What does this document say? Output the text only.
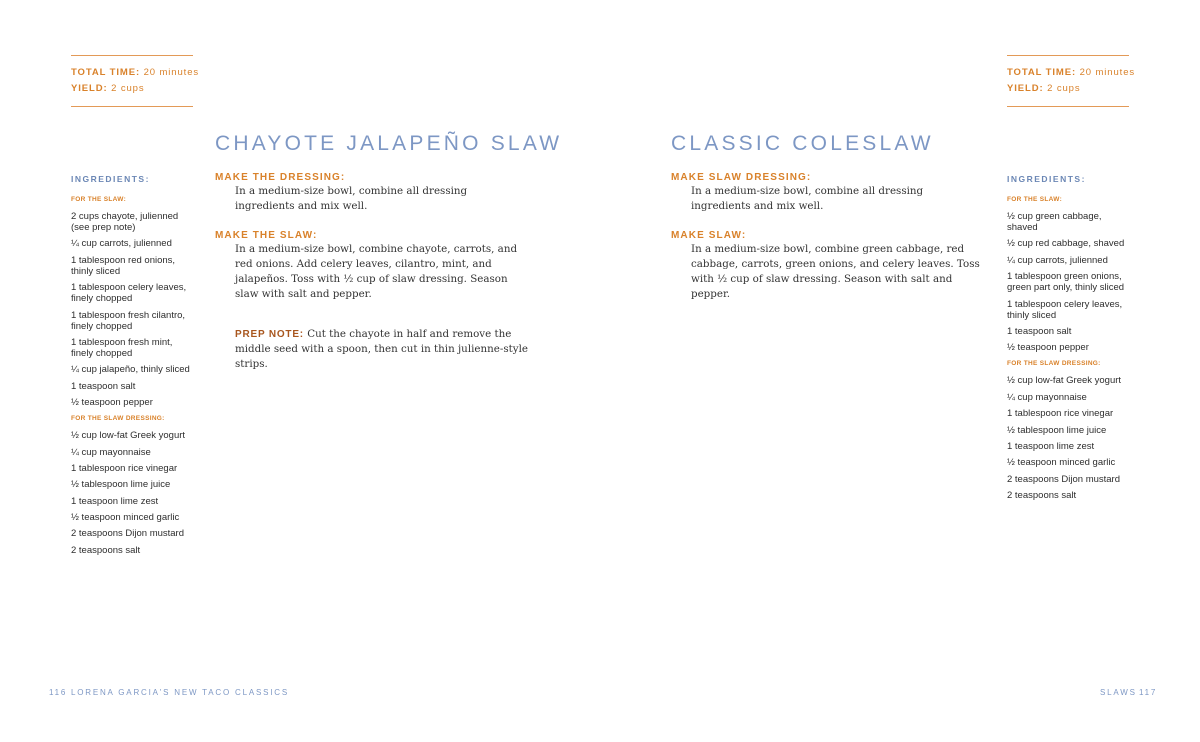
TOTAL TIME: 20 minutes
YIELD: 2 cups
CHAYOTE JALAPEÑO SLAW
INGREDIENTS:
FOR THE SLAW:
2 cups chayote, julienned (see prep note)
¼ cup carrots, julienned
1 tablespoon red onions, thinly sliced
1 tablespoon celery leaves, finely chopped
1 tablespoon fresh cilantro, finely chopped
1 tablespoon fresh mint, finely chopped
¼ cup jalapeño, thinly sliced
1 teaspoon salt
½ teaspoon pepper
FOR THE SLAW DRESSING:
½ cup low-fat Greek yogurt
¼ cup mayonnaise
1 tablespoon rice vinegar
½ tablespoon lime juice
1 teaspoon lime zest
½ teaspoon minced garlic
2 teaspoons Dijon mustard
2 teaspoons salt
MAKE THE DRESSING:
In a medium-size bowl, combine all dressing ingredients and mix well.
MAKE THE SLAW:
In a medium-size bowl, combine chayote, carrots, and red onions. Add celery leaves, cilantro, mint, and jalapeños. Toss with ½ cup of slaw dressing. Season slaw with salt and pepper.
PREP NOTE: Cut the chayote in half and remove the middle seed with a spoon, then cut in thin julienne-style strips.
116 LORENA GARCIA'S NEW TACO CLASSICS
CLASSIC COLESLAW
MAKE SLAW DRESSING:
In a medium-size bowl, combine all dressing ingredients and mix well.
MAKE SLAW:
In a medium-size bowl, combine green cabbage, red cabbage, carrots, green onions, and celery leaves. Toss with ½ cup of slaw dressing. Season with salt and pepper.
TOTAL TIME: 20 minutes
YIELD: 2 cups
INGREDIENTS:
FOR THE SLAW:
½ cup green cabbage, shaved
½ cup red cabbage, shaved
¼ cup carrots, julienned
1 tablespoon green onions, green part only, thinly sliced
1 tablespoon celery leaves, thinly sliced
1 teaspoon salt
½ teaspoon pepper
FOR THE SLAW DRESSING:
½ cup low-fat Greek yogurt
¼ cup mayonnaise
1 tablespoon rice vinegar
½ tablespoon lime juice
1 teaspoon lime zest
½ teaspoon minced garlic
2 teaspoons Dijon mustard
2 teaspoons salt
SLAWS 117
